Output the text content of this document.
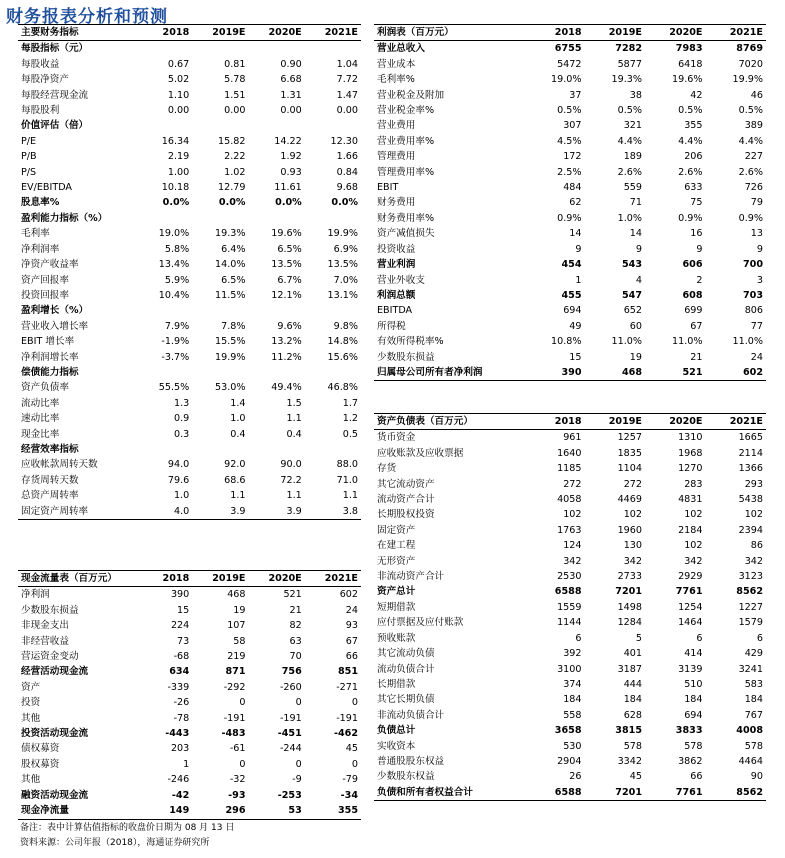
财务报表分析和预测
主要财务指标	2018	2019E	2020E	2021E
每股指标（元）				
每股收益	0.67	0.81	0.90	1.04
每股净资产	5.02	5.78	6.68	7.72
每股经营现金流	1.10	1.51	1.31	1.47
每股股利	0.00	0.00	0.00	0.00
价值评估（倍）				
P/E	16.34	15.82	14.22	12.30
P/B	2.19	2.22	1.92	1.66
P/S	1.00	1.02	0.93	0.84
EV/EBITDA	10.18	12.79	11.61	9.68
股息率%	0.0%	0.0%	0.0%	0.0%
盈利能力指标（%）				
毛利率	19.0%	19.3%	19.6%	19.9%
净利润率	5.8%	6.4%	6.5%	6.9%
净资产收益率	13.4%	14.0%	13.5%	13.5%
资产回报率	5.9%	6.5%	6.7%	7.0%
投资回报率	10.4%	11.5%	12.1%	13.1%
盈利增长（%）				
营业收入增长率	7.9%	7.8%	9.6%	9.8%
EBIT 增长率	-1.9%	15.5%	13.2%	14.8%
净利润增长率	-3.7%	19.9%	11.2%	15.6%
偿债能力指标				
资产负债率	55.5%	53.0%	49.4%	46.8%
流动比率	1.3	1.4	1.5	1.7
速动比率	0.9	1.0	1.1	1.2
现金比率	0.3	0.4	0.4	0.5
经营效率指标				
应收帐款周转天数	94.0	92.0	90.0	88.0
存货周转天数	79.6	68.6	72.2	71.0
总资产周转率	1.0	1.1	1.1	1.1
固定资产周转率	4.0	3.9	3.9	3.8
利润表（百万元）	2018	2019E	2020E	2021E
营业总收入	6755	7282	7983	8769
营业成本	5472	5877	6418	7020
毛利率%	19.0%	19.3%	19.6%	19.9%
营业税金及附加	37	38	42	46
营业税金率%	0.5%	0.5%	0.5%	0.5%
营业费用	307	321	355	389
营业费用率%	4.5%	4.4%	4.4%	4.4%
管理费用	172	189	206	227
管理费用率%	2.5%	2.6%	2.6%	2.6%
EBIT	484	559	633	726
财务费用	62	71	75	79
财务费用率%	0.9%	1.0%	0.9%	0.9%
资产减值损失	14	14	16	13
投资收益	9	9	9	9
营业利润	454	543	606	700
营业外收支	1	4	2	3
利润总额	455	547	608	703
EBITDA	694	652	699	806
所得税	49	60	67	77
有效所得税率%	10.8%	11.0%	11.0%	11.0%
少数股东损益	15	19	21	24
归属母公司所有者净利润	390	468	521	602
资产负债表（百万元）	2018	2019E	2020E	2021E
货币资金	961	1257	1310	1665
应收账款及应收票据	1640	1835	1968	2114
存货	1185	1104	1270	1366
其它流动资产	272	272	283	293
流动资产合计	4058	4469	4831	5438
长期股权投资	102	102	102	102
固定资产	1763	1960	2184	2394
在建工程	124	130	102	86
无形资产	342	342	342	342
非流动资产合计	2530	2733	2929	3123
资产总计	6588	7201	7761	8562
短期借款	1559	1498	1254	1227
应付票据及应付账款	1144	1284	1464	1579
预收账款	6	5	6	6
其它流动负债	392	401	414	429
流动负债合计	3100	3187	3139	3241
长期借款	374	444	510	583
其它长期负债	184	184	184	184
非流动负债合计	558	628	694	767
负债总计	3658	3815	3833	4008
实收资本	530	578	578	578
普通股股东权益	2904	3342	3862	4464
少数股东权益	26	45	66	90
负债和所有者权益合计	6588	7201	7761	8562
现金流量表（百万元）	2018	2019E	2020E	2021E
净利润	390	468	521	602
少数股东损益	15	19	21	24
非现金支出	224	107	82	93
非经营收益	73	58	63	67
营运资金变动	-68	219	70	66
经营活动现金流	634	871	756	851
资产	-339	-292	-260	-271
投资	-26	0	0	0
其他	-78	-191	-191	-191
投资活动现金流	-443	-483	-451	-462
债权募资	203	-61	-244	45
股权募资	1	0	0	0
其他	-246	-32	-9	-79
融资活动现金流	-42	-93	-253	-34
现金净流量	149	296	53	355
备注：表中计算估值指标的收盘价日期为 08 月 13 日
资料来源：公司年报（2018），海通证券研究所
